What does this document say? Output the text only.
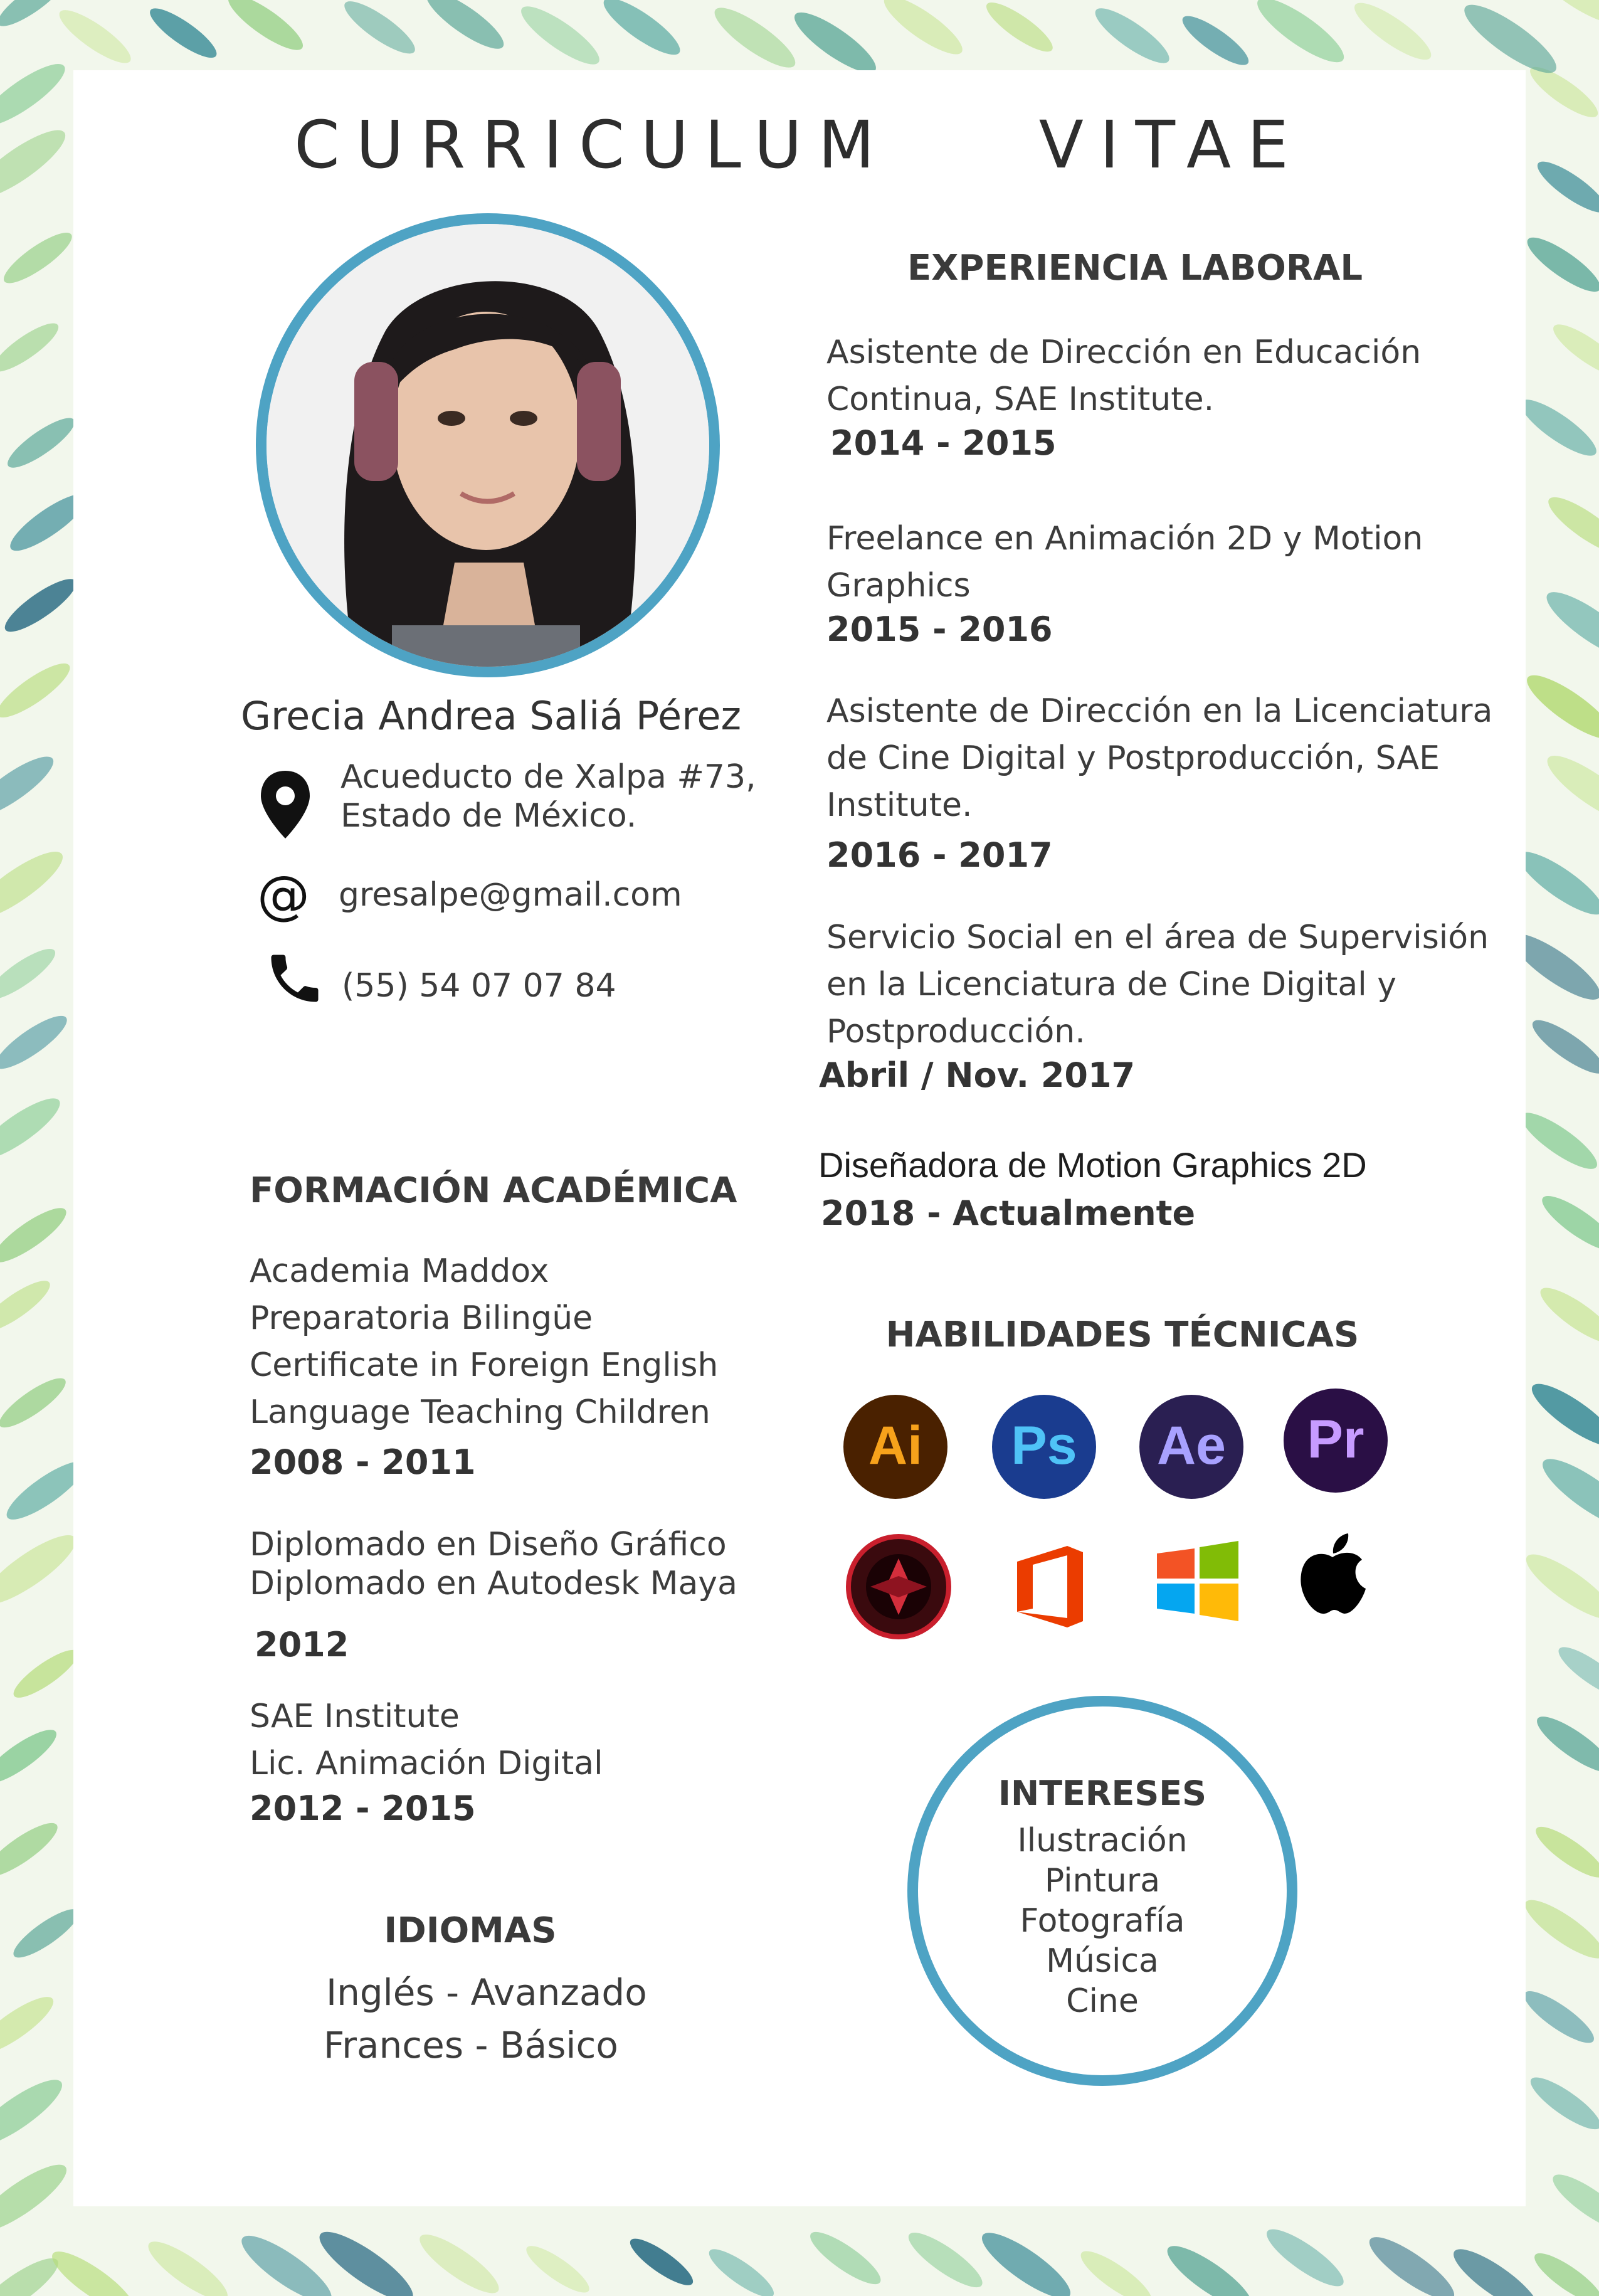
CURRICULUM    VITAE
Grecia Andrea Saliá Pérez
Acueducto de Xalpa #73,
Estado de México.
@ gresalpe@gmail.com
(55) 54 07 07 84
FORMACIÓN ACADÉMICA
Academia Maddox
Preparatoria Bilingüe
Certificate in Foreign English
Language Teaching Children
2008 - 2011
Diplomado en Diseño Gráfico
Diplomado en Autodesk Maya
2012
SAE Institute
Lic. Animación Digital
2012 - 2015
IDIOMAS
Inglés - Avanzado
Frances - Básico
EXPERIENCIA LABORAL
Asistente de Dirección en Educación
Continua, SAE Institute.
2014 - 2015
Freelance en Animación 2D y Motion
Graphics
2015 - 2016
Asistente de Dirección en la Licenciatura
de Cine Digital y Postproducción, SAE
Institute.
2016 - 2017
Servicio Social en el área de Supervisión
en la Licenciatura de Cine Digital y
Postproducción.
Abril / Nov. 2017
Diseñadora de Motion Graphics 2D
2018 - Actualmente
HABILIDADES TÉCNICAS
Ai Ps Ae Pr
INTERESES
Ilustración
Pintura
Fotografía
Música
Cine
